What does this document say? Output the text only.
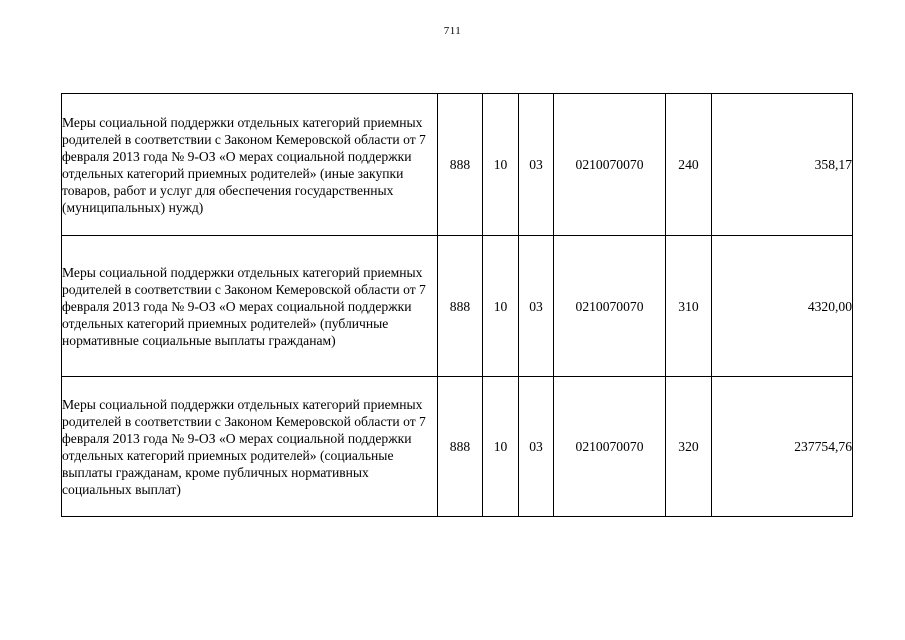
711
Меры социальной поддержки отдельных категорий приемных родителей в соответствии с Законом Кемеровской области от 7 февраля 2013 года № 9-ОЗ «О мерах социальной поддержки отдельных категорий приемных родителей» (иные закупки товаров, работ и услуг для обеспечения государственных (муниципальных) нужд)	888	10	03	0210070070	240	358,17
Меры социальной поддержки отдельных категорий приемных родителей в соответствии с Законом Кемеровской области от 7 февраля 2013 года № 9-ОЗ «О мерах социальной поддержки отдельных категорий приемных родителей» (публичные нормативные социальные выплаты гражданам)	888	10	03	0210070070	310	4320,00
Меры социальной поддержки отдельных категорий приемных родителей в соответствии с Законом Кемеровской области от 7 февраля 2013 года № 9-ОЗ «О мерах социальной поддержки отдельных категорий приемных родителей» (социальные выплаты гражданам, кроме публичных нормативных социальных выплат)	888	10	03	0210070070	320	237754,76
